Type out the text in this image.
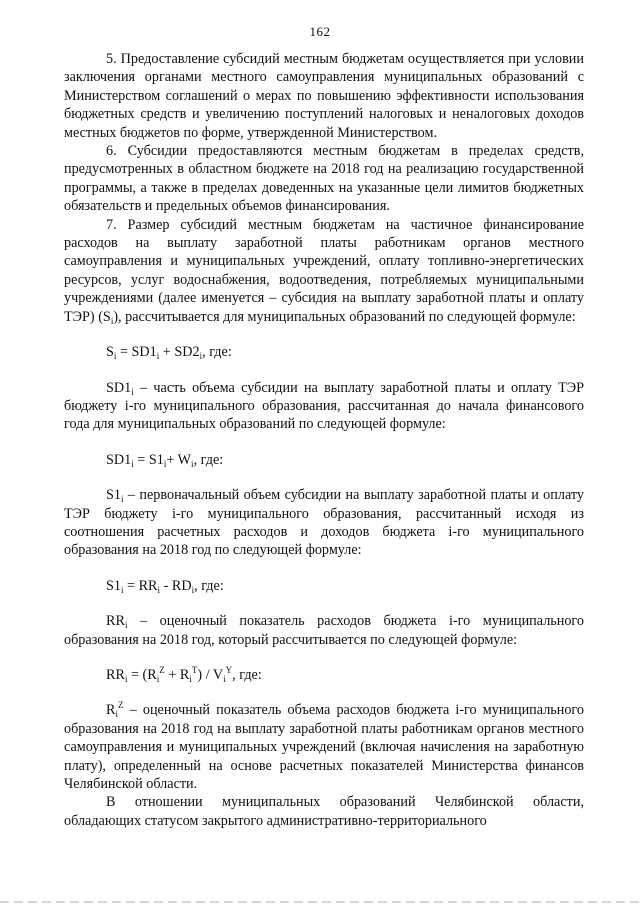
162

5. Предоставление субсидий местным бюджетам осуществляется при условии заключения органами местного самоуправления муниципальных образований с Министерством соглашений о мерах по повышению эффективности использования бюджетных средств и увеличению поступлений налоговых и неналоговых доходов местных бюджетов по форме, утвержденной Министерством.

6. Субсидии предоставляются местным бюджетам в пределах средств, предусмотренных в областном бюджете на 2018 год на реализацию государственной программы, а также в пределах доведенных на указанные цели лимитов бюджетных обязательств и предельных объемов финансирования.

7. Размер субсидий местным бюджетам на частичное финансирование расходов на выплату заработной платы работникам органов местного самоуправления и муниципальных учреждений, оплату топливно-энергетических ресурсов, услуг водоснабжения, водоотведения, потребляемых муниципальными учреждениями (далее именуется – субсидия на выплату заработной платы и оплату ТЭР) $(S_i)$, рассчитывается для муниципальных образований по следующей формуле:

$S_i = SD1_i + SD2_i$, где:

$SD1_i$ – часть объема субсидии на выплату заработной платы и оплату ТЭР бюджету i-го муниципального образования, рассчитанная до начала финансового года для муниципальных образований по следующей формуле:

$SD1_i = S1_i+ W_i$, где:

$S1_i$ – первоначальный объем субсидии на выплату заработной платы и оплату ТЭР бюджету i-го муниципального образования, рассчитанный исходя из соотношения расчетных расходов и доходов бюджета i-го муниципального образования на 2018 год по следующей формуле:

$S1_i = RR_i - RD_i$, где:

$RR_i$ – оценочный показатель расходов бюджета i-го муниципального образования на 2018 год, который рассчитывается по следующей формуле:

$RR_i = (R_i^Z + R_i^T) / V_i^Y$, где:

$R_i^Z$ – оценочный показатель объема расходов бюджета i-го муниципального образования на 2018 год на выплату заработной платы работникам органов местного самоуправления и муниципальных учреждений (включая начисления на заработную плату), определенный на основе расчетных показателей Министерства финансов Челябинской области.

В отношении муниципальных образований Челябинской области, обладающих статусом закрытого административно-территориального
